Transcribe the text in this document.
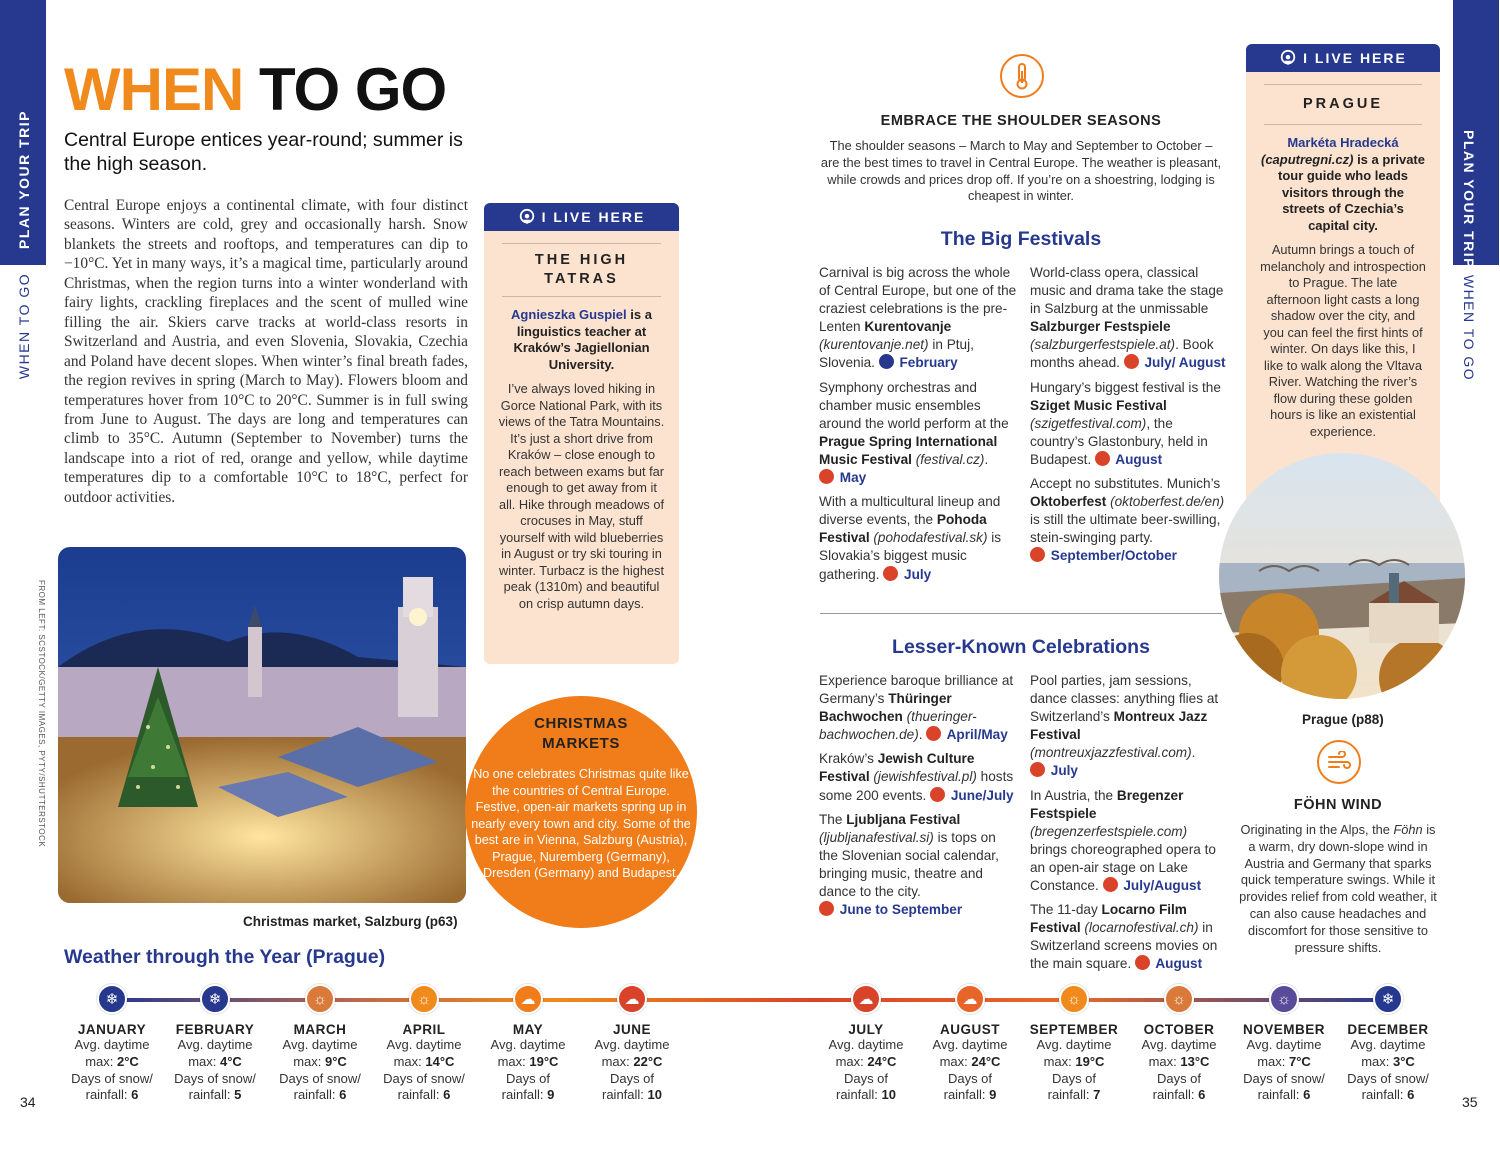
PLAN YOUR TRIP
WHEN TO GO
PLAN YOUR TRIP
WHEN TO GO
34	35
WHEN TO GO
Central Europe entices year-round; summer is the high season.
Central Europe enjoys a continental climate, with four distinct seasons. Winters are cold, grey and occasionally harsh. Snow blankets the streets and rooftops, and temperatures can dip to −10°C. Yet in many ways, it’s a magical time, particularly around Christmas, when the region turns into a winter wonderland with fairy lights, crackling fireplaces and the scent of mulled wine filling the air. Skiers carve tracks at world-class resorts in Switzerland and Austria, and even Slovenia, Slovakia, Czechia and Poland have decent slopes. When winter’s final breath fades, the region revives in spring (March to May). Flowers bloom and temperatures hover from 10°C to 20°C. Summer is in full swing from June to August. The days are long and temperatures can climb to 35°C. Autumn (September to November) turns the landscape into a riot of red, orange and yellow, while daytime temperatures dip to a comfortable 10°C to 18°C, perfect for outdoor activities.
I LIVE HERE
THE HIGH TATRAS
Agnieszka Guspiel is a linguistics teacher at Kraków’s Jagiellonian University.
I’ve always loved hiking in Gorce National Park, with its views of the Tatra Mountains. It’s just a short drive from Kraków – close enough to reach between exams but far enough to get away from it all. Hike through meadows of crocuses in May, stuff yourself with wild blueberries in August or try ski touring in winter. Turbacz is the highest peak (1310m) and beautiful on crisp autumn days.
I LIVE HERE
PRAGUE
Markéta Hradecká
(caputregni.cz) is a private tour guide who leads visitors through the streets of Czechia’s capital city.
Autumn brings a touch of melancholy and introspection to Prague. The late afternoon light casts a long shadow over the city, and you can feel the first hints of winter. On days like this, I like to walk along the Vltava River. Watching the river’s flow during these golden hours is like an existential experience.
FROM LEFT: SCSTOCK/GETTY IMAGES, PYTY/SHUTTERSTOCK
Christmas market, Salzburg (p63)
CHRISTMAS
MARKETS
No one celebrates Christmas quite like the countries of Central Europe. Festive, open-air markets spring up in nearly every town and city. Some of the best are in Vienna, Salzburg (Austria), Prague, Nuremberg (Germany), Dresden (Germany) and Budapest.
EMBRACE THE SHOULDER SEASONS
The shoulder seasons – March to May and September to October – are the best times to travel in Central Europe. The weather is pleasant, while crowds and prices drop off. If you’re on a shoestring, lodging is cheapest in winter.
The Big Festivals

Carnival is big across the whole of Central Europe, but one of the craziest celebrations is the pre-Lenten Kurentovanje (kurentovanje.net) in Ptuj, Slovenia.  February

Symphony orchestras and chamber music ensembles around the world perform at the Prague Spring International Music Festival (festival.cz).  May

With a multicultural lineup and diverse events, the Pohoda Festival (pohodafestival.sk) is Slovakia’s biggest music gathering.  July

World-class opera, classical music and drama take the stage in Salzburg at the unmissable Salzburger Festspiele (salzburgerfestspiele.at). Book months ahead.  July/ August

Hungary’s biggest festival is the Sziget Music Festival (szigetfestival.com), the country’s Glastonbury, held in Budapest.  August

Accept no substitutes. Munich’s Oktoberfest (oktoberfest.de/en) is still the ultimate beer-swilling, stein-swinging party.  September/October

Lesser-Known Celebrations

Experience baroque brilliance at Germany’s Thüringer Bachwochen (thueringer-bachwochen.de).  April/May

Kraków’s Jewish Culture Festival (jewishfestival.pl) hosts some 200 events.  June/July

The Ljubljana Festival (ljubljanafestival.si) is tops on the Slovenian social calendar, bringing music, theatre and dance to the city.  June to September

Pool parties, jam sessions, dance classes: anything flies at Switzerland’s Montreux Jazz Festival (montreuxjazzfestival.com).  July

In Austria, the Bregenzer Festspiele (bregenzerfestspiele.com) brings choreographed opera to an open-air stage on Lake Constance.  July/August

The 11-day Locarno Film Festival (locarnofestival.ch) in Switzerland screens movies on the main square.  August

Prague (p88)
FÖHN WIND
Originating in the Alps, the Föhn is a warm, dry down-slope wind in Austria and Germany that sparks quick temperature swings. While it provides relief from cold weather, it can also cause headaches and discomfort for those sensitive to pressure shifts.
Weather through the Year (Prague)
❄
JANUARY
Avg. daytime
max: 2°C
Days of snow/
rainfall: 6
❄
FEBRUARY
Avg. daytime
max: 4°C
Days of snow/
rainfall: 5
☼
MARCH
Avg. daytime
max: 9°C
Days of snow/
rainfall: 6
☼
APRIL
Avg. daytime
max: 14°C
Days of snow/
rainfall: 6
☁
MAY
Avg. daytime
max: 19°C
Days of
rainfall: 9
☁
JUNE
Avg. daytime
max: 22°C
Days of
rainfall: 10
☁
JULY
Avg. daytime
max: 24°C
Days of
rainfall: 10
☁
AUGUST
Avg. daytime
max: 24°C
Days of
rainfall: 9
☼
SEPTEMBER
Avg. daytime
max: 19°C
Days of
rainfall: 7
☼
OCTOBER
Avg. daytime
max: 13°C
Days of
rainfall: 6
☼
NOVEMBER
Avg. daytime
max: 7°C
Days of snow/
rainfall: 6
❄
DECEMBER
Avg. daytime
max: 3°C
Days of snow/
rainfall: 6
